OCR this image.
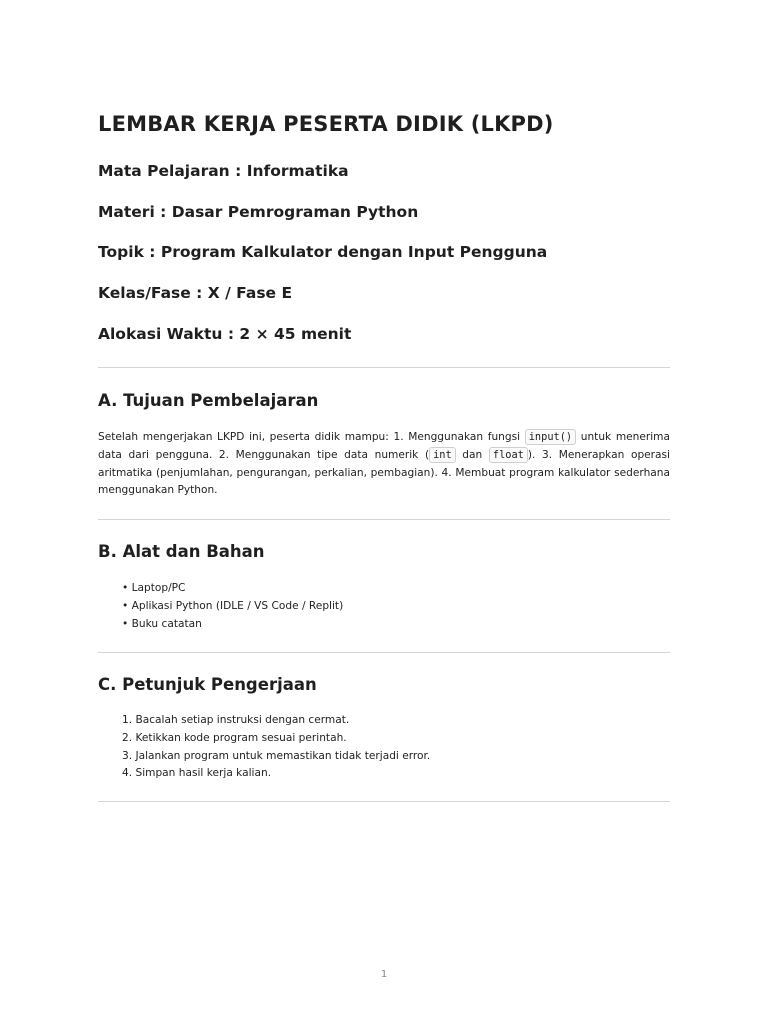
LEMBAR KERJA PESERTA DIDIK (LKPD)

Mata Pelajaran : Informatika

Materi : Dasar Pemrograman Python

Topik : Program Kalkulator dengan Input Pengguna

Kelas/Fase : X / Fase E

Alokasi Waktu : 2 × 45 menit

A. Tujuan Pembelajaran

Setelah mengerjakan LKPD ini, peserta didik mampu: 1. Menggunakan fungsi input() untuk menerima data dari pengguna. 2. Menggunakan tipe data numerik ( int dan float ). 3. Menerapkan operasi aritmatika (penjumlahan, pengurangan, perkalian, pembagian). 4. Membuat program kalkulator sederhana menggunakan Python.

B. Alat dan Bahan
• Laptop/PC
• Aplikasi Python (IDLE / VS Code / Replit)
• Buku catatan
C. Petunjuk Pengerjaan
1. Bacalah setiap instruksi dengan cermat.
2. Ketikkan kode program sesuai perintah.
3. Jalankan program untuk memastikan tidak terjadi error.
4. Simpan hasil kerja kalian.
1
